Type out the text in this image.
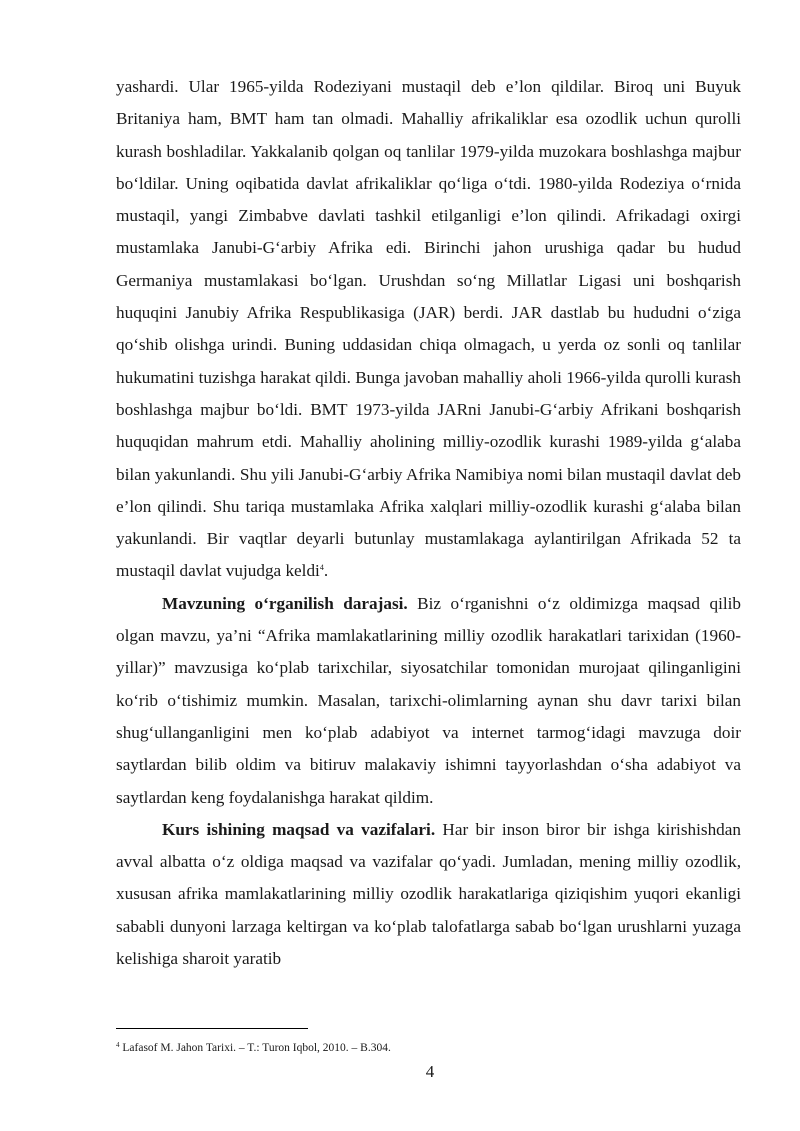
yashardi. Ular 1965-yilda Rodeziyani mustaqil deb e’lon qildilar. Biroq uni Buyuk Britaniya ham, BMT ham tan olmadi. Mahalliy afrikaliklar esa ozodlik uchun qurolli kurash boshladilar. Yakkalanib qolgan oq tanlilar 1979-yilda muzokara boshlashga majbur boʻldilar. Uning oqibatida davlat afrikaliklar qoʻliga oʻtdi. 1980-yilda Rodeziya oʻrnida mustaqil, yangi Zimbabve davlati tashkil etilganligi e’lon qilindi. Afrikadagi oxirgi mustamlaka Janubi-Gʻarbiy Afrika edi. Birinchi jahon urushiga qadar bu hudud Germaniya mustamlakasi boʻlgan. Urushdan soʻng Millatlar Ligasi uni boshqarish huquqini Janubiy Afrika Respublikasiga (JAR) berdi. JAR dastlab bu hududni oʻziga qoʻshib olishga urindi. Buning uddasidan chiqa olmagach, u yerda oz sonli oq tanlilar hukumatini tuzishga harakat qildi. Bunga javoban mahalliy aholi 1966-yilda qurolli kurash boshlashga majbur boʻldi. BMT 1973-yilda JARni Janubi-Gʻarbiy Afrikani boshqarish huquqidan mahrum etdi. Mahalliy aholining milliy-ozodlik kurashi 1989-yilda gʻalaba bilan yakunlandi. Shu yili Janubi-Gʻarbiy Afrika Namibiya nomi bilan mustaqil davlat deb e’lon qilindi. Shu tariqa mustamlaka Afrika xalqlari milliy-ozodlik kurashi gʻalaba bilan yakunlandi. Bir vaqtlar deyarli butunlay mustamlakaga aylantirilgan Afrikada 52 ta mustaqil davlat vujudga keldi$^4$.

Mavzuning oʻrganilish darajasi. Biz oʻrganishni oʻz oldimizga maqsad qilib olgan mavzu, ya’ni “Afrika mamlakatlarining milliy ozodlik harakatlari tarixidan (1960-yillar)” mavzusiga koʻplab tarixchilar, siyosatchilar tomonidan murojaat qilinganligini koʻrib oʻtishimiz mumkin. Masalan, tarixchi-olimlarning aynan shu davr tarixi bilan shugʻullanganligini men koʻplab adabiyot va internet tarmogʻidagi mavzuga doir saytlardan bilib oldim va bitiruv malakaviy ishimni tayyorlashdan oʻsha adabiyot va saytlardan keng foydalanishga harakat qildim.

Kurs ishining maqsad va vazifalari. Har bir inson biror bir ishga kirishishdan avval albatta oʻz oldiga maqsad va vazifalar qoʻyadi. Jumladan, mening milliy ozodlik, xususan afrika mamlakatlarining milliy ozodlik harakatlariga qiziqishim yuqori ekanligi sababli dunyoni larzaga keltirgan va koʻplab talofatlarga sabab boʻlgan urushlarni yuzaga kelishiga sharoit yaratib

$^4$ Lafasof M. Jahon Tarixi. – T.: Turon Iqbol, 2010. – B.304.
4
